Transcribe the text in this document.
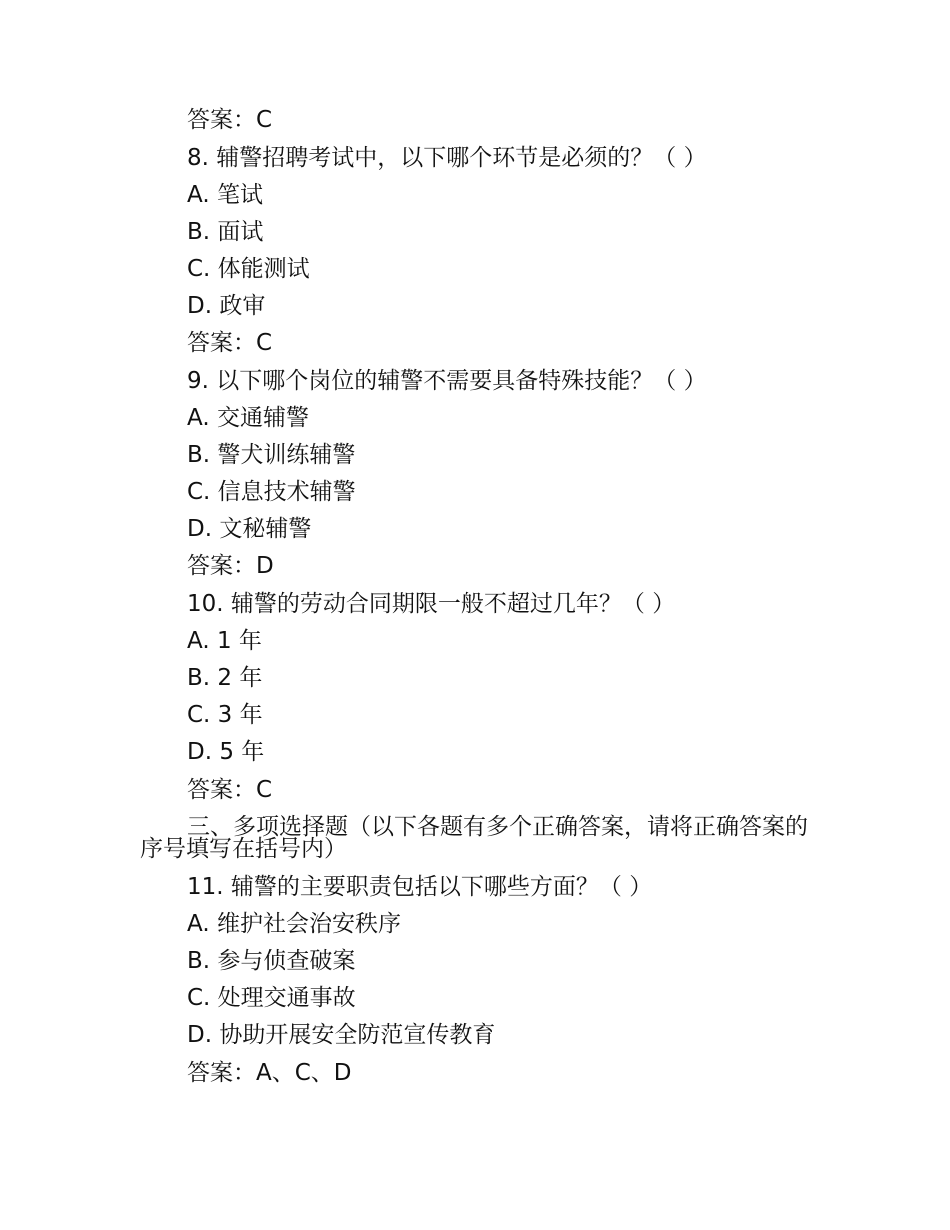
答案：C
8. 辅警招聘考试中，以下哪个环节是必须的？（ ）
A. 笔试
B. 面试
C. 体能测试
D. 政审
答案：C
9. 以下哪个岗位的辅警不需要具备特殊技能？（ ）
A. 交通辅警
B. 警犬训练辅警
C. 信息技术辅警
D. 文秘辅警
答案：D
10. 辅警的劳动合同期限一般不超过几年？（ ）
A. 1 年
B. 2 年
C. 3 年
D. 5 年
答案：C
三、多项选择题（以下各题有多个正确答案，请将正确答案的序号填写在括号内）
11. 辅警的主要职责包括以下哪些方面？（ ）
A. 维护社会治安秩序
B. 参与侦查破案
C. 处理交通事故
D. 协助开展安全防范宣传教育
答案：A、C、D
